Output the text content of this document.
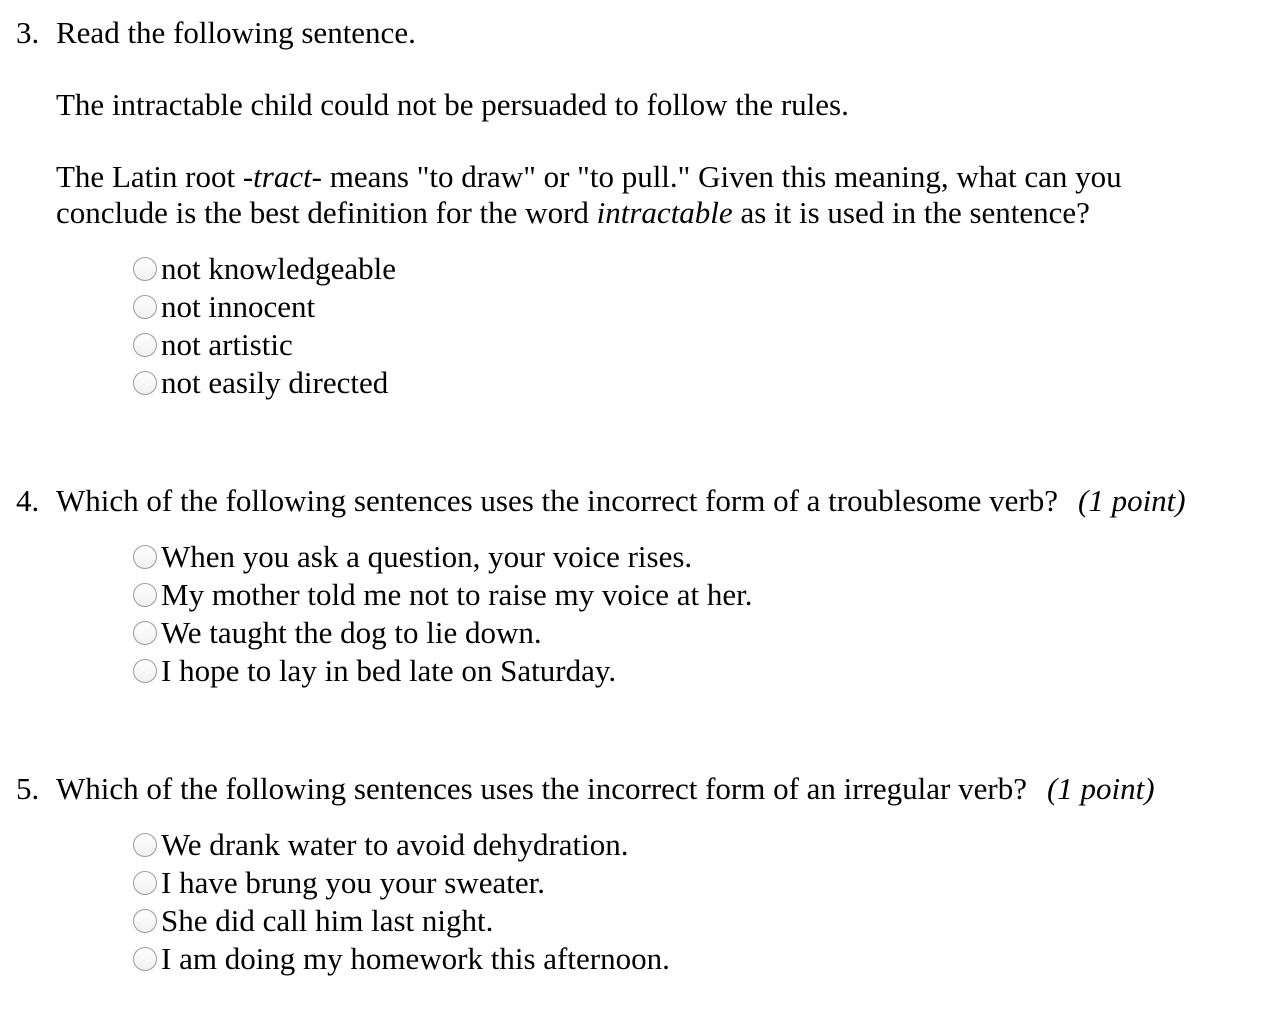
3. Read the following sentence.
The intractable child could not be persuaded to follow the rules.
The Latin root -tract- means "to draw" or "to pull." Given this meaning, what can you conclude is the best definition for the word intractable as it is used in the sentence?
not knowledgeable
not innocent
not artistic
not easily directed
4. Which of the following sentences uses the incorrect form of a troublesome verb? (1 point)
When you ask a question, your voice rises.
My mother told me not to raise my voice at her.
We taught the dog to lie down.
I hope to lay in bed late on Saturday.
5. Which of the following sentences uses the incorrect form of an irregular verb? (1 point)
We drank water to avoid dehydration.
I have brung you your sweater.
She did call him last night.
I am doing my homework this afternoon.
